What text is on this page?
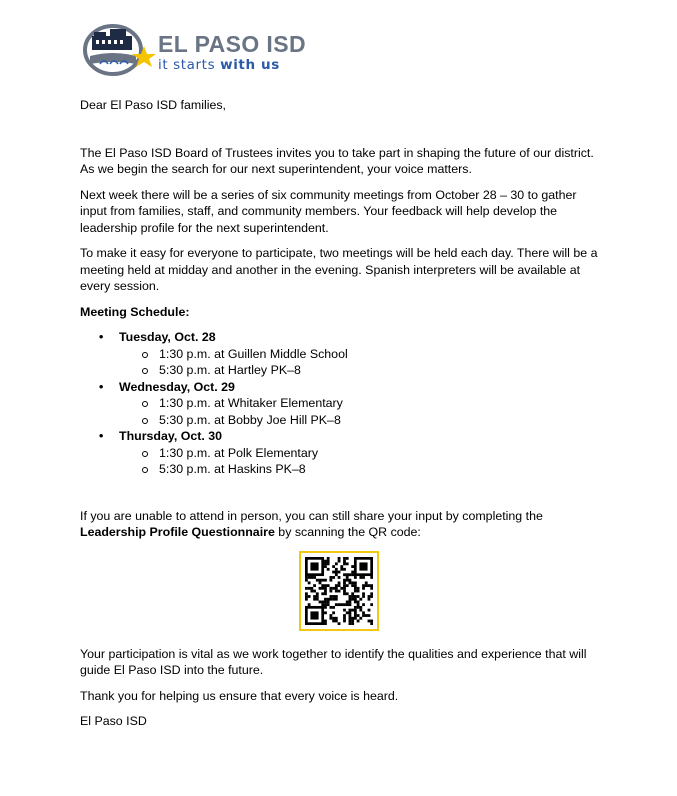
EL PASO ISD
it starts with us

Dear El Paso ISD families,

The El Paso ISD Board of Trustees invites you to take part in shaping the future of our district. As we begin the search for our next superintendent, your voice matters.

Next week there will be a series of six community meetings from October 28 – 30 to gather input from families, staff, and community members. Your feedback will help develop the leadership profile for the next superintendent.

To make it easy for everyone to participate, two meetings will be held each day. There will be a meeting held at midday and another in the evening. Spanish interpreters will be available at every session.

Meeting Schedule:

• Tuesday, Oct. 28
1:30 p.m. at Guillen Middle School
5:30 p.m. at Hartley PK–8
• Wednesday, Oct. 29
1:30 p.m. at Whitaker Elementary
5:30 p.m. at Bobby Joe Hill PK–8
• Thursday, Oct. 30
1:30 p.m. at Polk Elementary
5:30 p.m. at Haskins PK–8

If you are unable to attend in person, you can still share your input by completing the
Leadership Profile Questionnaire by scanning the QR code:

Your participation is vital as we work together to identify the qualities and experience that will guide El Paso ISD into the future.

Thank you for helping us ensure that every voice is heard.

El Paso ISD
